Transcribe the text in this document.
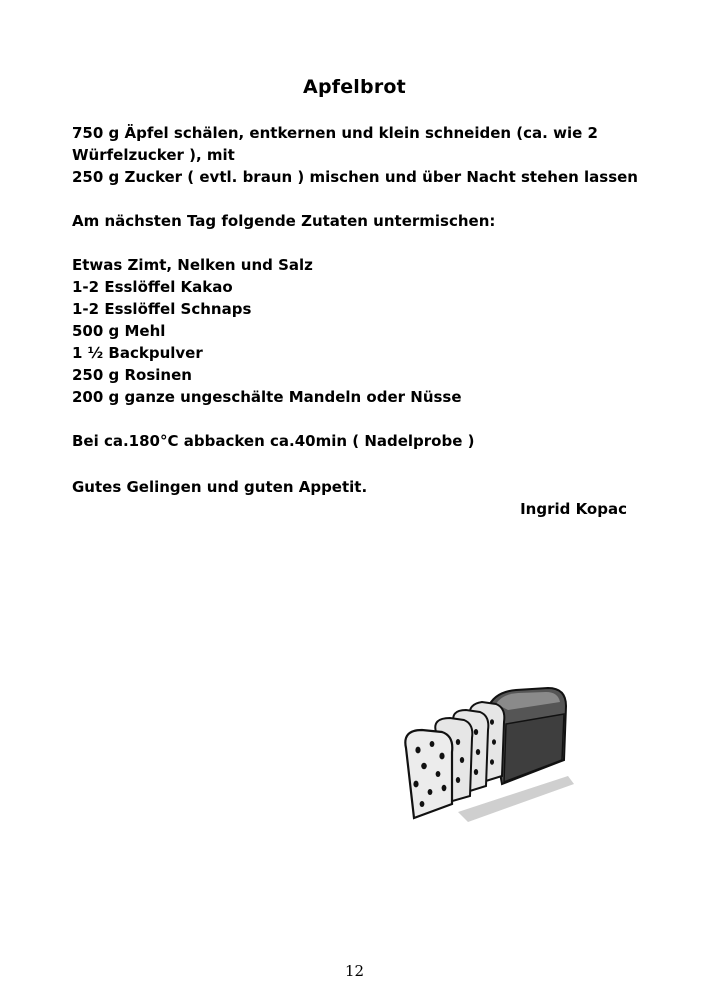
Apfelbrot
750 g Äpfel schälen, entkernen und klein schneiden (ca. wie 2
Würfelzucker ), mit
250 g Zucker ( evtl. braun ) mischen und über Nacht stehen lassen
Am nächsten Tag folgende Zutaten untermischen:
Etwas Zimt, Nelken und Salz
1-2 Esslöffel Kakao
1-2 Esslöffel Schnaps
500 g Mehl
1 ½ Backpulver
250 g Rosinen
200 g ganze ungeschälte Mandeln oder Nüsse
Bei ca.180°C abbacken ca.40min ( Nadelprobe )
Gutes Gelingen und guten Appetit.
Ingrid Kopac
12
